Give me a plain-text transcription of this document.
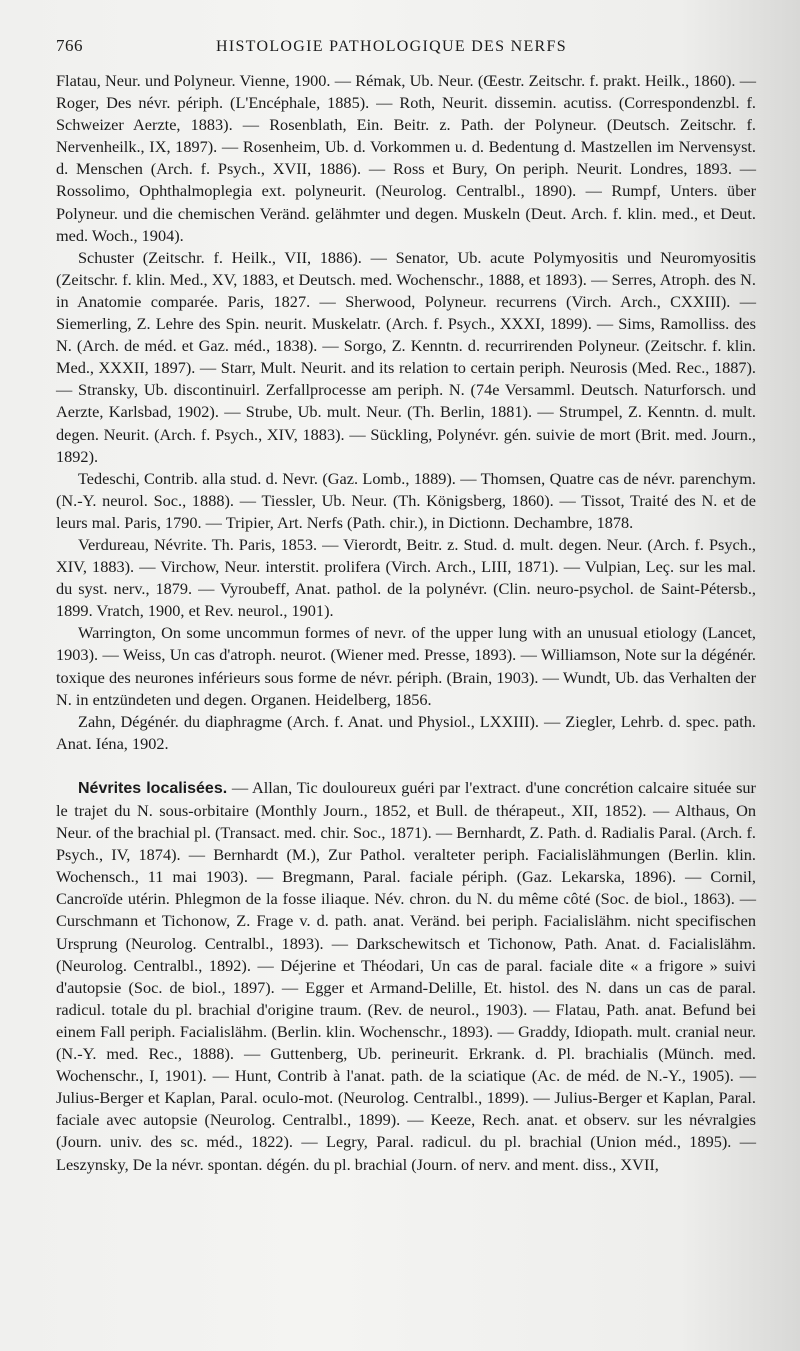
766	HISTOLOGIE PATHOLOGIQUE DES NERFS

Flatau, Neur. und Polyneur. Vienne, 1900. — Rémak, Ub. Neur. (Œestr. Zeitschr. f. prakt. Heilk., 1860). — Roger, Des névr. périph. (L'Encéphale, 1885). — Roth, Neurit. dissemin. acutiss. (Correspondenzbl. f. Schweizer Aerzte, 1883). — Rosenblath, Ein. Beitr. z. Path. der Polyneur. (Deutsch. Zeitschr. f. Nervenheilk., IX, 1897). — Rosenheim, Ub. d. Vorkommen u. d. Bedentung d. Mastzellen im Nervensyst. d. Menschen (Arch. f. Psych., XVII, 1886). — Ross et Bury, On periph. Neurit. Londres, 1893. — Rossolimo, Ophthalmoplegia ext. polyneurit. (Neurolog. Centralbl., 1890). — Rumpf, Unters. über Polyneur. und die chemischen Veränd. gelähmter und degen. Muskeln (Deut. Arch. f. klin. med., et Deut. med. Woch., 1904).

Schuster (Zeitschr. f. Heilk., VII, 1886). — Senator, Ub. acute Polymyositis und Neuromyositis (Zeitschr. f. klin. Med., XV, 1883, et Deutsch. med. Wochenschr., 1888, et 1893). — Serres, Atroph. des N. in Anatomie comparée. Paris, 1827. — Sherwood, Polyneur. recurrens (Virch. Arch., CXXIII). — Siemerling, Z. Lehre des Spin. neurit. Muskelatr. (Arch. f. Psych., XXXI, 1899). — Sims, Ramolliss. des N. (Arch. de méd. et Gaz. méd., 1838). — Sorgo, Z. Kenntn. d. recurrirenden Polyneur. (Zeitschr. f. klin. Med., XXXII, 1897). — Starr, Mult. Neurit. and its relation to certain periph. Neurosis (Med. Rec., 1887). — Stransky, Ub. discontinuirl. Zerfallprocesse am periph. N. (74e Versamml. Deutsch. Naturforsch. und Aerzte, Karlsbad, 1902). — Strube, Ub. mult. Neur. (Th. Berlin, 1881). — Strumpel, Z. Kenntn. d. mult. degen. Neurit. (Arch. f. Psych., XIV, 1883). — Sückling, Polynévr. gén. suivie de mort (Brit. med. Journ., 1892).

Tedeschi, Contrib. alla stud. d. Nevr. (Gaz. Lomb., 1889). — Thomsen, Quatre cas de névr. parenchym. (N.-Y. neurol. Soc., 1888). — Tiessler, Ub. Neur. (Th. Königsberg, 1860). — Tissot, Traité des N. et de leurs mal. Paris, 1790. — Tripier, Art. Nerfs (Path. chir.), in Dictionn. Dechambre, 1878.

Verdureau, Névrite. Th. Paris, 1853. — Vierordt, Beitr. z. Stud. d. mult. degen. Neur. (Arch. f. Psych., XIV, 1883). — Virchow, Neur. interstit. prolifera (Virch. Arch., LIII, 1871). — Vulpian, Leç. sur les mal. du syst. nerv., 1879. — Vyroubeff, Anat. pathol. de la polynévr. (Clin. neuro-psychol. de Saint-Pétersb., 1899. Vratch, 1900, et Rev. neurol., 1901).

Warrington, On some uncommun formes of nevr. of the upper lung with an unusual etiology (Lancet, 1903). — Weiss, Un cas d'atroph. neurot. (Wiener med. Presse, 1893). — Williamson, Note sur la dégénér. toxique des neurones inférieurs sous forme de névr. périph. (Brain, 1903). — Wundt, Ub. das Verhalten der N. in entzündeten und degen. Organen. Heidelberg, 1856.

Zahn, Dégénér. du diaphragme (Arch. f. Anat. und Physiol., LXXIII). — Ziegler, Lehrb. d. spec. path. Anat. Iéna, 1902.

Névrites localisées. — Allan, Tic douloureux guéri par l'extract. d'une concrétion calcaire située sur le trajet du N. sous-orbitaire (Monthly Journ., 1852, et Bull. de thérapeut., XII, 1852). — Althaus, On Neur. of the brachial pl. (Transact. med. chir. Soc., 1871). — Bernhardt, Z. Path. d. Radialis Paral. (Arch. f. Psych., IV, 1874). — Bernhardt (M.), Zur Pathol. veralteter periph. Facialislähmungen (Berlin. klin. Wochensch., 11 mai 1903). — Bregmann, Paral. faciale périph. (Gaz. Lekarska, 1896). — Cornil, Cancroïde utérin. Phlegmon de la fosse iliaque. Név. chron. du N. du même côté (Soc. de biol., 1863). — Curschmann et Tichonow, Z. Frage v. d. path. anat. Veränd. bei periph. Facialislähm. nicht specifischen Ursprung (Neurolog. Centralbl., 1893). — Darkschewitsch et Tichonow, Path. Anat. d. Facialislähm. (Neurolog. Centralbl., 1892). — Déjerine et Théodari, Un cas de paral. faciale dite « a frigore » suivi d'autopsie (Soc. de biol., 1897). — Egger et Armand-Delille, Et. histol. des N. dans un cas de paral. radicul. totale du pl. brachial d'origine traum. (Rev. de neurol., 1903). — Flatau, Path. anat. Befund bei einem Fall periph. Facialislähm. (Berlin. klin. Wochenschr., 1893). — Graddy, Idiopath. mult. cranial neur. (N.-Y. med. Rec., 1888). — Guttenberg, Ub. perineurit. Erkrank. d. Pl. brachialis (Münch. med. Wochenschr., I, 1901). — Hunt, Contrib à l'anat. path. de la sciatique (Ac. de méd. de N.-Y., 1905). — Julius-Berger et Kaplan, Paral. oculo-mot. (Neurolog. Centralbl., 1899). — Julius-Berger et Kaplan, Paral. faciale avec autopsie (Neurolog. Centralbl., 1899). — Keeze, Rech. anat. et observ. sur les névralgies (Journ. univ. des sc. méd., 1822). — Legry, Paral. radicul. du pl. brachial (Union méd., 1895). — Leszynsky, De la névr. spontan. dégén. du pl. brachial (Journ. of nerv. and ment. diss., XVII,
